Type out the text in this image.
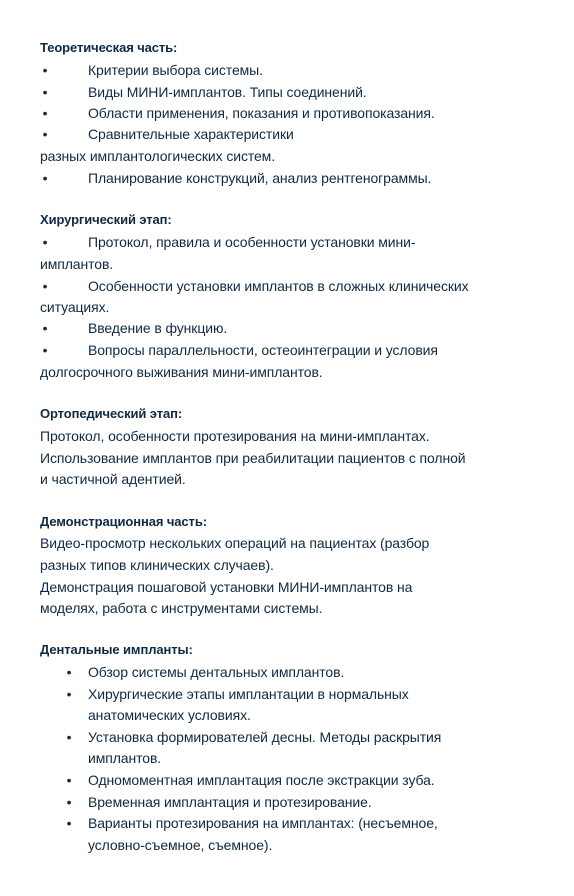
Теоретическая часть:
•	Критерии выбора системы.
•	Виды МИНИ-имплантов. Типы соединений.
•	Области применения, показания и противопоказания.
•	Сравнительные характеристики
разных имплантологических систем.
•	Планирование конструкций, анализ рентгенограммы.
Хирургический этап:
•	Протокол, правила и особенности установки мини-
имплантов.
•	Особенности установки имплантов в сложных клинических
ситуациях.
•	Введение в функцию.
•	Вопросы параллельности, остеоинтеграции и условия
долгосрочного выживания мини-имплантов.
Ортопедический этап:
Протокол, особенности протезирования на мини-имплантах.
Использование имплантов при реабилитации пациентов с полной
и частичной адентией.
Демонстрационная часть:
Видео-просмотр нескольких операций на пациентах (разбор
разных типов клинических случаев).
Демонстрация пошаговой установки МИНИ-имплантов на
моделях, работа с инструментами системы.
Дентальные импланты:
• Обзор системы дентальных имплантов.
• Хирургические этапы имплантации в нормальных
анатомических условиях.
• Установка формирователей десны. Методы раскрытия
имплантов.
• Одномоментная имплантация после экстракции зуба.
• Временная имплантация и протезирование.
• Варианты протезирования на имплантах: (несъемное,
условно-съемное, съемное).
